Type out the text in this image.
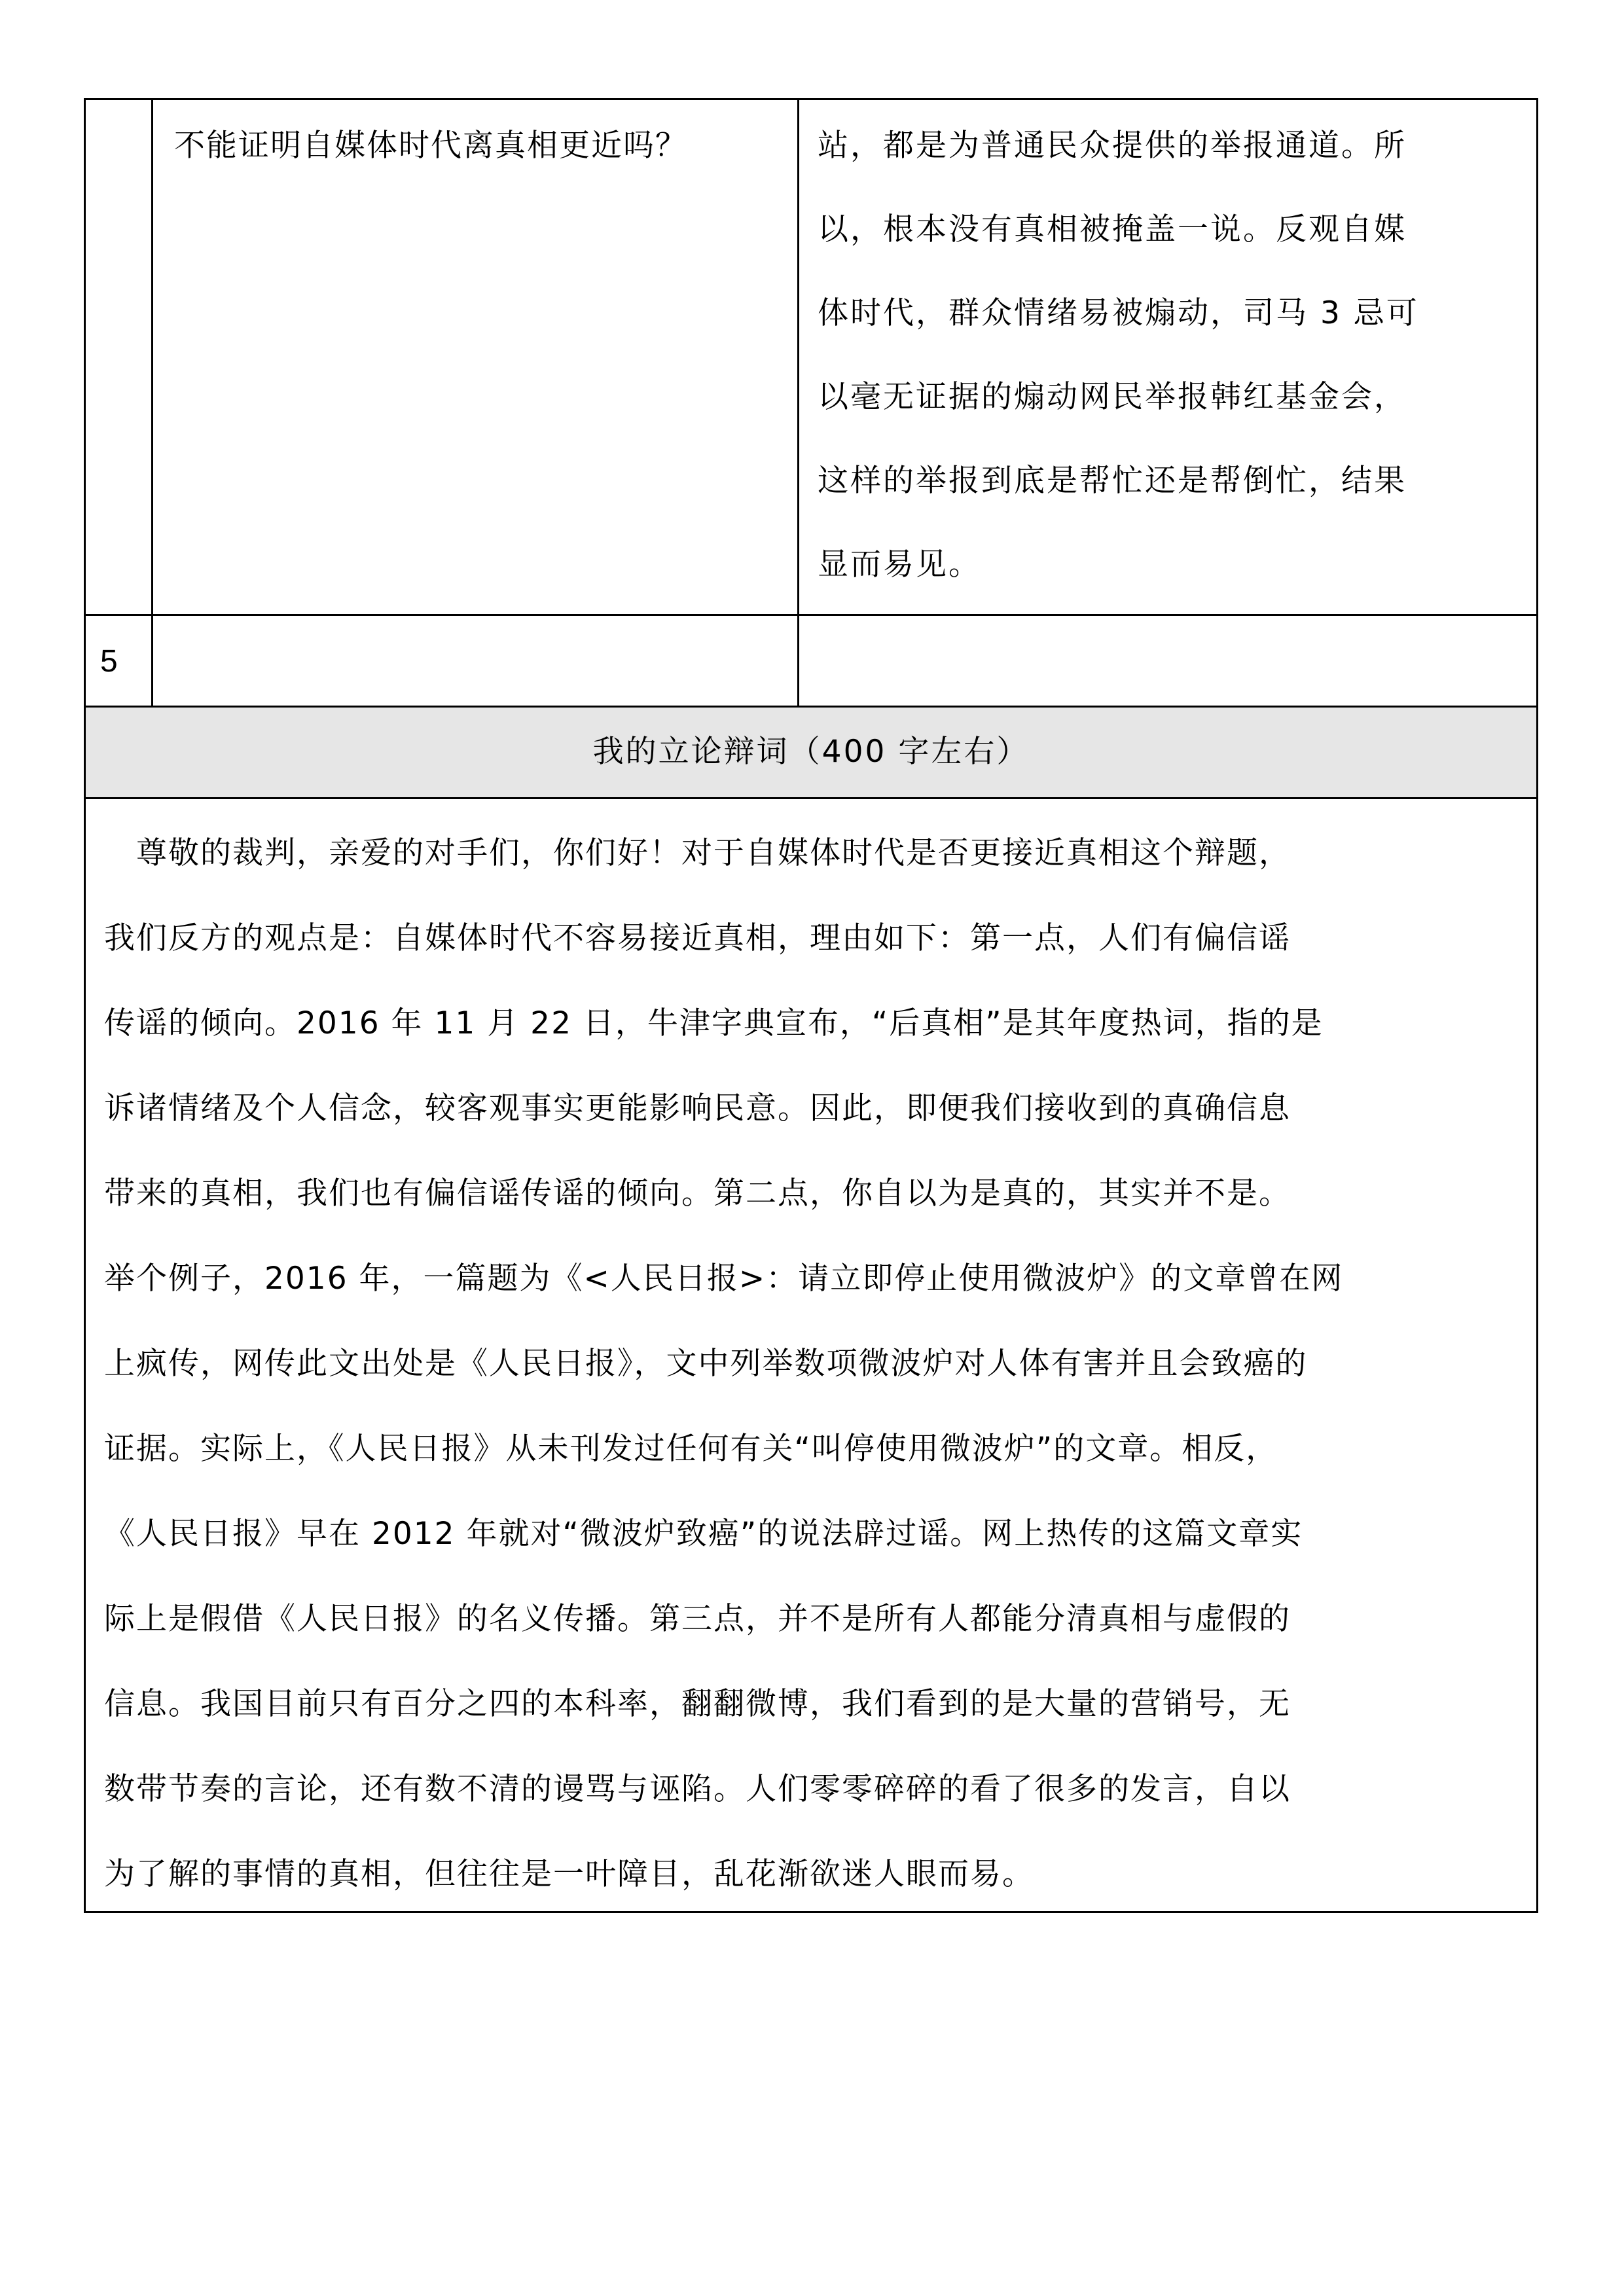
不能证明自媒体时代离真相更近吗？	站，都是为普通民众提供的举报通道。所
以，根本没有真相被掩盖一说。反观自媒
体时代，群众情绪易被煽动，司马 3 忌可
以毫无证据的煽动网民举报韩红基金会，
这样的举报到底是帮忙还是帮倒忙，结果
显而易见。
5
我的立论辩词（400 字左右）
　尊敬的裁判，亲爱的对手们，你们好！对于自媒体时代是否更接近真相这个辩题，
我们反方的观点是：自媒体时代不容易接近真相，理由如下：第一点，人们有偏信谣
传谣的倾向。2016 年 11 月 22 日，牛津字典宣布，“后真相”是其年度热词，指的是
诉诸情绪及个人信念，较客观事实更能影响民意。因此，即便我们接收到的真确信息
带来的真相，我们也有偏信谣传谣的倾向。第二点，你自以为是真的，其实并不是。
举个例子，2016 年，一篇题为《<人民日报>：请立即停止使用微波炉》的文章曾在网
上疯传，网传此文出处是《人民日报》，文中列举数项微波炉对人体有害并且会致癌的
证据。实际上，《人民日报》从未刊发过任何有关“叫停使用微波炉”的文章。相反，
《人民日报》早在 2012 年就对“微波炉致癌”的说法辟过谣。网上热传的这篇文章实
际上是假借《人民日报》的名义传播。第三点，并不是所有人都能分清真相与虚假的
信息。我国目前只有百分之四的本科率，翻翻微博，我们看到的是大量的营销号，无
数带节奏的言论，还有数不清的谩骂与诬陷。人们零零碎碎的看了很多的发言，自以
为了解的事情的真相，但往往是一叶障目，乱花渐欲迷人眼而易。
